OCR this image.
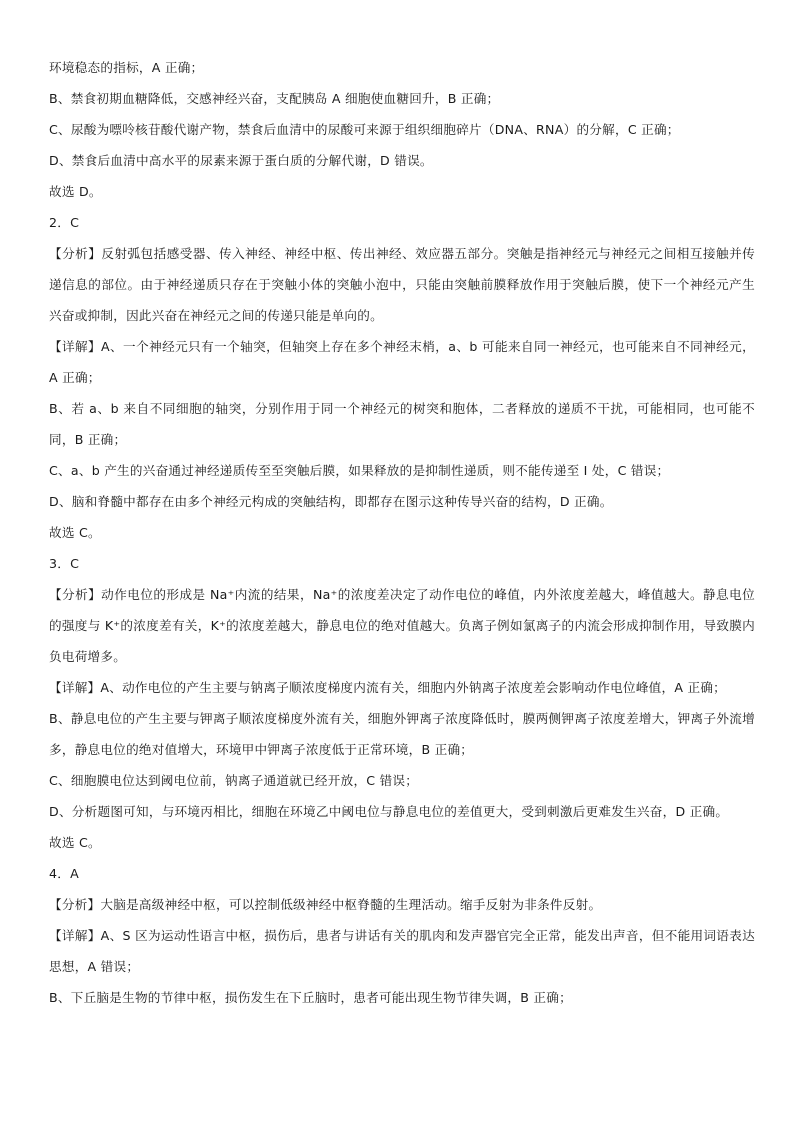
环境稳态的指标，A 正确；
B、禁食初期血糖降低，交感神经兴奋，支配胰岛 A 细胞使血糖回升，B 正确；
C、尿酸为嘌呤核苷酸代谢产物，禁食后血清中的尿酸可来源于组织细胞碎片（DNA、RNA）的分解，C 正确；
D、禁食后血清中高水平的尿素来源于蛋白质的分解代谢，D 错误。
故选 D。
2．C
【分析】反射弧包括感受器、传入神经、神经中枢、传出神经、效应器五部分。突触是指神经元与神经元之间相互接触并传递信息的部位。由于神经递质只存在于突触小体的突触小泡中，只能由突触前膜释放作用于突触后膜，使下一个神经元产生兴奋或抑制，因此兴奋在神经元之间的传递只能是单向的。
【详解】A、一个神经元只有一个轴突，但轴突上存在多个神经末梢，a、b 可能来自同一神经元，也可能来自不同神经元，A 正确；
B、若 a、b 来自不同细胞的轴突，分别作用于同一个神经元的树突和胞体，二者释放的递质不干扰，可能相同，也可能不同，B 正确；
C、a、b 产生的兴奋通过神经递质传至至突触后膜，如果释放的是抑制性递质，则不能传递至 I 处，C 错误；
D、脑和脊髓中都存在由多个神经元构成的突触结构，即都存在图示这种传导兴奋的结构，D 正确。
故选 C。
3．C
【分析】动作电位的形成是 Na⁺内流的结果，Na⁺的浓度差决定了动作电位的峰值，内外浓度差越大，峰值越大。静息电位的强度与 K⁺的浓度差有关，K⁺的浓度差越大，静息电位的绝对值越大。负离子例如氯离子的内流会形成抑制作用，导致膜内负电荷增多。
【详解】A、动作电位的产生主要与钠离子顺浓度梯度内流有关，细胞内外钠离子浓度差会影响动作电位峰值，A 正确；
B、静息电位的产生主要与钾离子顺浓度梯度外流有关，细胞外钾离子浓度降低时，膜两侧钾离子浓度差增大，钾离子外流增多，静息电位的绝对值增大，环境甲中钾离子浓度低于正常环境，B 正确；
C、细胞膜电位达到阈电位前，钠离子通道就已经开放，C 错误；
D、分析题图可知，与环境丙相比，细胞在环境乙中阈电位与静息电位的差值更大，受到刺激后更难发生兴奋，D 正确。
故选 C。
4．A
【分析】大脑是高级神经中枢，可以控制低级神经中枢脊髓的生理活动。缩手反射为非条件反射。
【详解】A、S 区为运动性语言中枢，损伤后，患者与讲话有关的肌肉和发声器官完全正常，能发出声音，但不能用词语表达思想，A 错误；
B、下丘脑是生物的节律中枢，损伤发生在下丘脑时，患者可能出现生物节律失调，B 正确；
